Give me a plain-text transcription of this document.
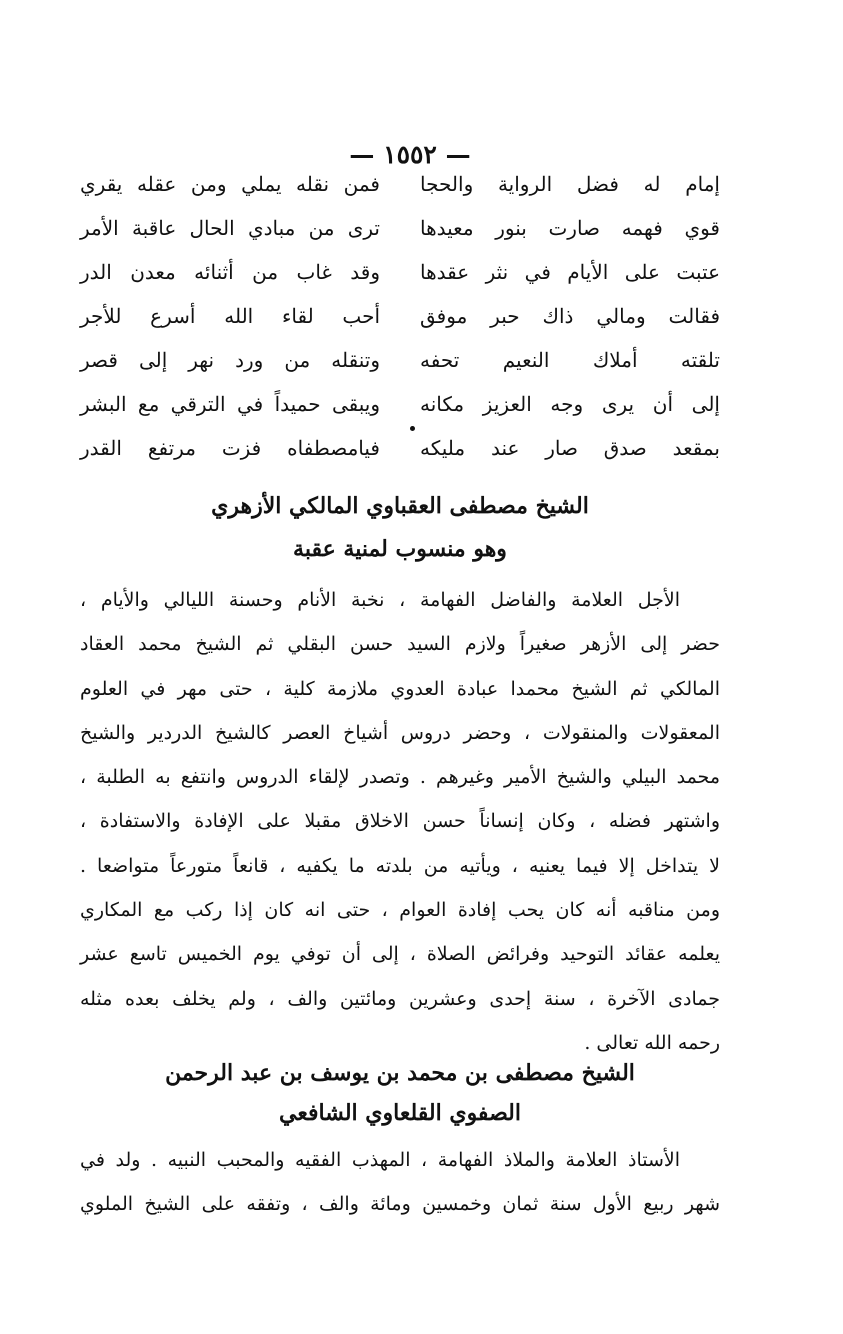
— ١٥٥٢ —
إمام له فضل الرواية والحجا
فمن نقله يملي ومن عقله يقري
قوي فهمه صارت بنور معيدها
ترى من مبادي الحال عاقبة الأمر
عتبت على الأيام في نثر عقدها
وقد غاب من أثنائه معدن الدر
فقالت ومالي ذاك حبر موفق
أحب لقاء الله أسرع للأجر
تلقته أملاك النعيم تحفه
وتنقله من ورد نهر إلى قصر
إلى أن يرى وجه العزيز مكانه
ويبقى حميداً في الترقي مع البشر
بمقعد صدق صار عند مليكه
فيامصطفاه فزت مرتفع القدر
الشيخ مصطفى العقباوي المالكي الأزهري
وهو منسوب لمنية عقبة
الأجل العلامة والفاضل الفهامة ، نخبة الأنام وحسنة الليالي والأيام ،
حضر إلى الأزهر صغيراً ولازم السيد حسن البقلي ثم الشيخ محمد العقاد
المالكي ثم الشيخ محمدا عبادة العدوي ملازمة كلية ، حتى مهر في العلوم
المعقولات والمنقولات ، وحضر دروس أشياخ العصر كالشيخ الدردير والشيخ
محمد البيلي والشيخ الأمير وغيرهم . وتصدر لإلقاء الدروس وانتفع به الطلبة ،
واشتهر فضله ، وكان إنساناً حسن الاخلاق مقبلا على الإفادة والاستفادة ،
لا يتداخل إلا فيما يعنيه ، ويأتيه من بلدته ما يكفيه ، قانعاً متورعاً متواضعا .
ومن مناقبه أنه كان يحب إفادة العوام ، حتى انه كان إذا ركب مع المكاري
يعلمه عقائد التوحيد وفرائض الصلاة ، إلى أن توفي يوم الخميس تاسع عشر
جمادى الآخرة ، سنة إحدى وعشرين ومائتين والف ، ولم يخلف بعده مثله
رحمه الله تعالى .
الشيخ مصطفى بن محمد بن يوسف بن عبد الرحمن
الصفوي القلعاوي الشافعي
الأستاذ العلامة والملاذ الفهامة ، المهذب الفقيه والمحبب النبيه . ولد في
شهر ربيع الأول سنة ثمان وخمسين ومائة والف ، وتفقه على الشيخ الملوي
